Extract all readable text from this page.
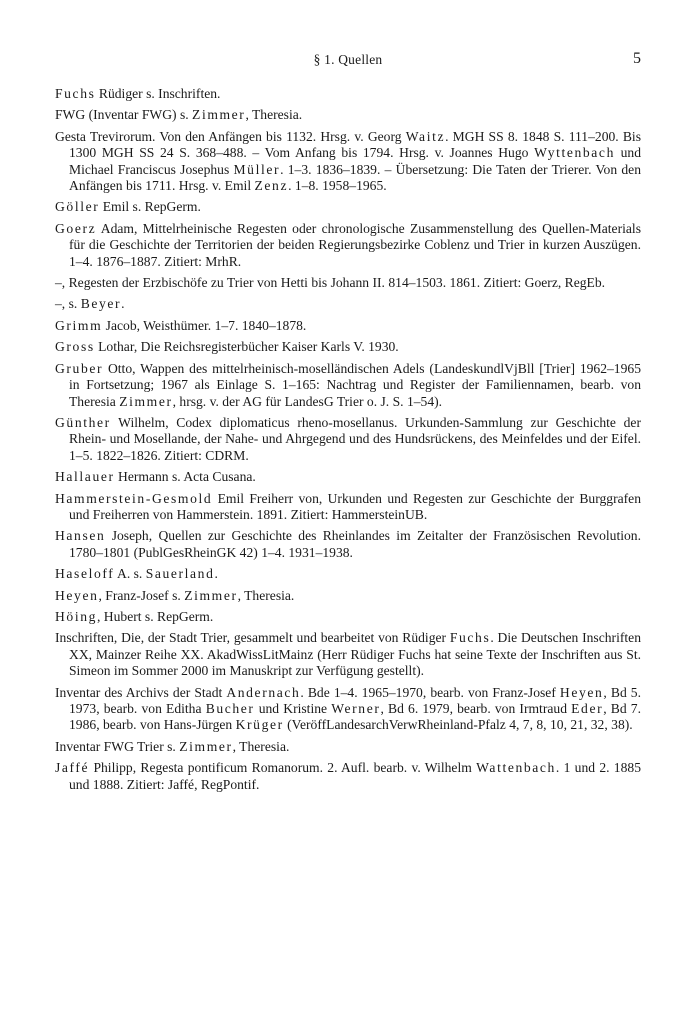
§ 1. Quellen	5

Fuchs Rüdiger s. Inschriften.

FWG (Inventar FWG) s. Zimmer, Theresia.

Gesta Trevirorum. Von den Anfängen bis 1132. Hrsg. v. Georg Waitz. MGH SS 8. 1848 S. 111–200. Bis 1300 MGH SS 24 S. 368–488. – Vom Anfang bis 1794. Hrsg. v. Joannes Hugo Wyttenbach und Michael Franciscus Josephus Müller. 1–3. 1836–1839. – Übersetzung: Die Taten der Trierer. Von den Anfängen bis 1711. Hrsg. v. Emil Zenz. 1–8. 1958–1965.

Göller Emil s. RepGerm.

Goerz Adam, Mittelrheinische Regesten oder chronologische Zusammenstellung des Quellen-Materials für die Geschichte der Territorien der beiden Regierungsbezirke Coblenz und Trier in kurzen Auszügen. 1–4. 1876–1887. Zitiert: MrhR.

–, Regesten der Erzbischöfe zu Trier von Hetti bis Johann II. 814–1503. 1861. Zitiert: Goerz, RegEb.

–, s. Beyer.

Grimm Jacob, Weisthümer. 1–7. 1840–1878.

Gross Lothar, Die Reichsregisterbücher Kaiser Karls V. 1930.

Gruber Otto, Wappen des mittelrheinisch-moselländischen Adels (LandeskundlVjBll [Trier] 1962–1965 in Fortsetzung; 1967 als Einlage S. 1–165: Nachtrag und Register der Familiennamen, bearb. von Theresia Zimmer, hrsg. v. der AG für LandesG Trier o. J. S. 1–54).

Günther Wilhelm, Codex diplomaticus rheno-mosellanus. Urkunden-Sammlung zur Geschichte der Rhein- und Mosellande, der Nahe- und Ahrgegend und des Hundsrückens, des Meinfeldes und der Eifel. 1–5. 1822–1826. Zitiert: CDRM.

Hallauer Hermann s. Acta Cusana.

Hammerstein-Gesmold Emil Freiherr von, Urkunden und Regesten zur Geschichte der Burggrafen und Freiherren von Hammerstein. 1891. Zitiert: HammersteinUB.

Hansen Joseph, Quellen zur Geschichte des Rheinlandes im Zeitalter der Französischen Revolution. 1780–1801 (PublGesRheinGK 42) 1–4. 1931–1938.

Haseloff A. s. Sauerland.

Heyen, Franz-Josef s. Zimmer, Theresia.

Höing, Hubert s. RepGerm.

Inschriften, Die, der Stadt Trier, gesammelt und bearbeitet von Rüdiger Fuchs. Die Deutschen Inschriften XX, Mainzer Reihe XX. AkadWissLitMainz (Herr Rüdiger Fuchs hat seine Texte der Inschriften aus St. Simeon im Sommer 2000 im Manuskript zur Verfügung gestellt).

Inventar des Archivs der Stadt Andernach. Bde 1–4. 1965–1970, bearb. von Franz-Josef Heyen, Bd 5. 1973, bearb. von Editha Bucher und Kristine Werner, Bd 6. 1979, bearb. von Irmtraud Eder, Bd 7. 1986, bearb. von Hans-Jürgen Krüger (VeröffLandesarchVerwRheinland-Pfalz 4, 7, 8, 10, 21, 32, 38).

Inventar FWG Trier s. Zimmer, Theresia.

Jaffé Philipp, Regesta pontificum Romanorum. 2. Aufl. bearb. v. Wilhelm Wattenbach. 1 und 2. 1885 und 1888. Zitiert: Jaffé, RegPontif.
